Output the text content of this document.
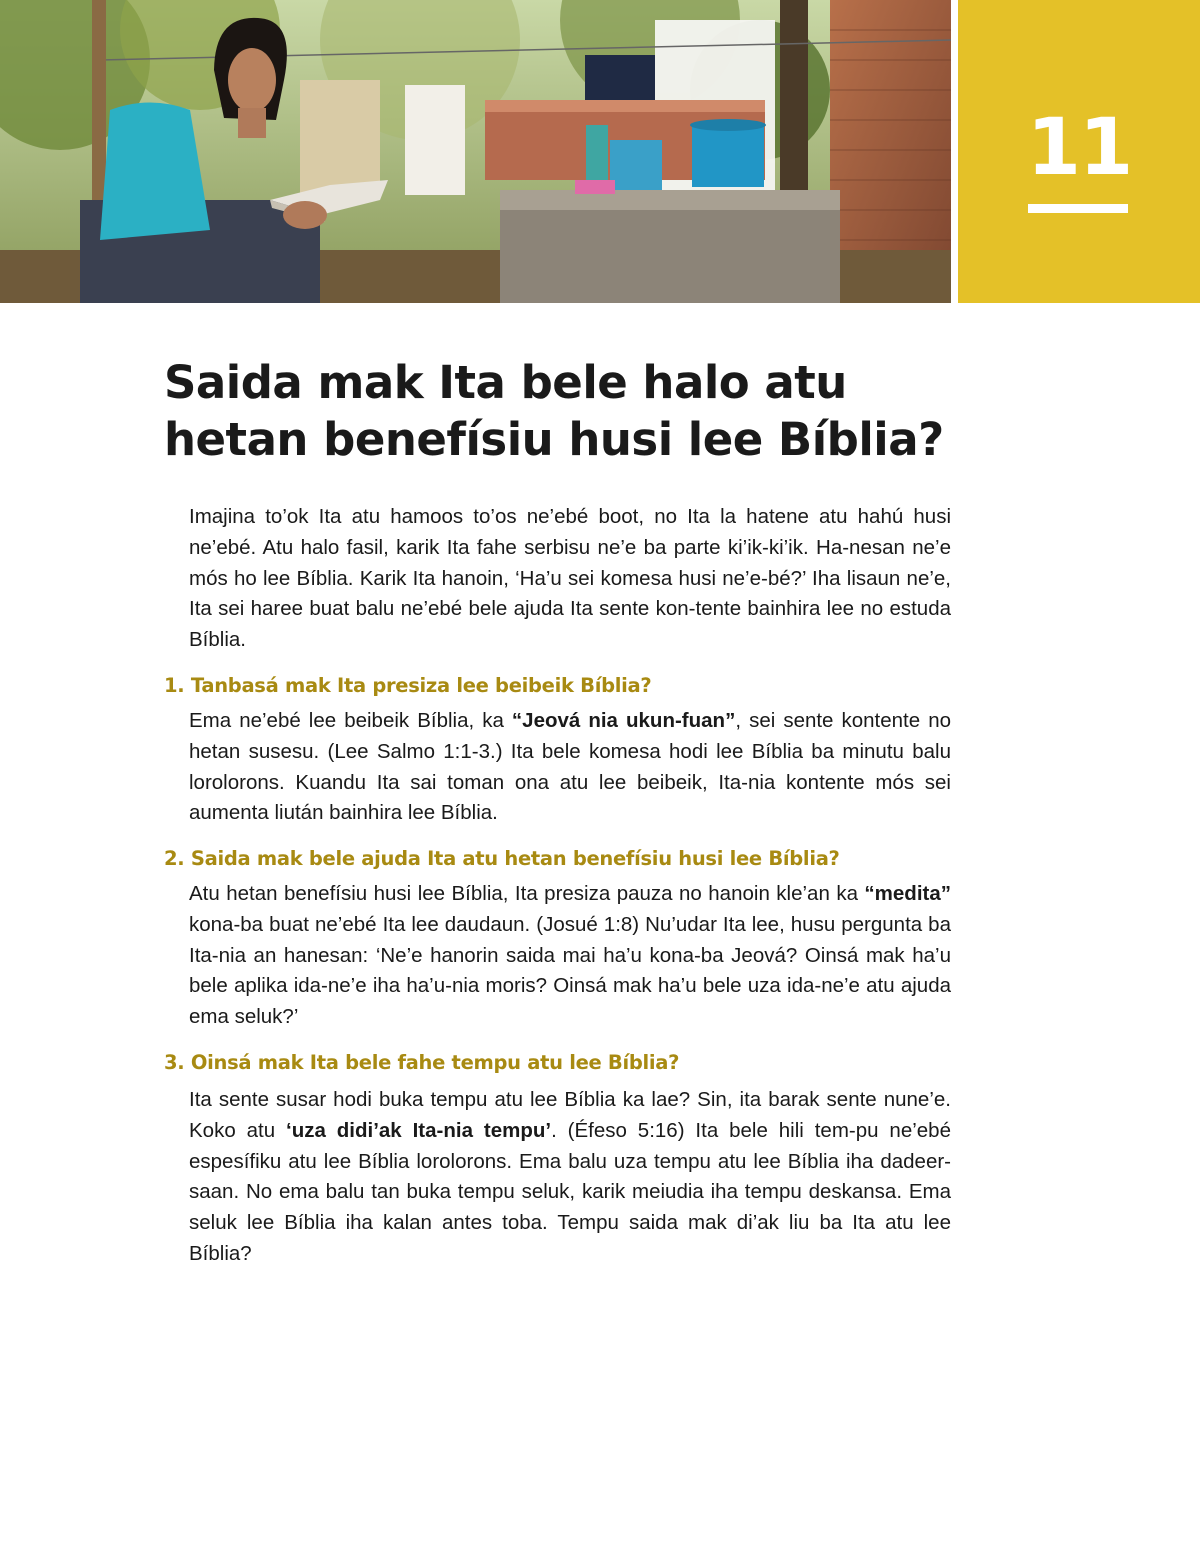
11
Saida mak Ita bele halo atu
hetan benefísiu husi lee Bíblia?

Imajina to’ok Ita atu hamoos to’os ne’ebé boot, no Ita la hatene atu hahú husi ne’ebé. Atu halo fasil, karik Ita fahe serbisu ne’e ba parte ki’ik-ki’ik. Ha-nesan ne’e mós ho lee Bíblia. Karik Ita hanoin, ‘Ha’u sei komesa husi ne’e-bé?’ Iha lisaun ne’e, Ita sei haree buat balu ne’ebé bele ajuda Ita sente kon-tente bainhira lee no estuda Bíblia.

1. Tanbasá mak Ita presiza lee beibeik Bíblia?

Ema ne’ebé lee beibeik Bíblia, ka “Jeová nia ukun-fuan”, sei sente kontente no hetan susesu. (Lee Salmo 1:1-3.) Ita bele komesa hodi lee Bíblia ba minutu balu lorolorons. Kuandu Ita sai toman ona atu lee beibeik, Ita-nia kontente mós sei aumenta liután bainhira lee Bíblia.

2. Saida mak bele ajuda Ita atu hetan benefísiu husi lee Bíblia?

Atu hetan benefísiu husi lee Bíblia, Ita presiza pauza no hanoin kle’an ka “medita” kona-ba buat ne’ebé Ita lee daudaun. (Josué 1:8) Nu’udar Ita lee, husu pergunta ba Ita-nia an hanesan: ‘Ne’e hanorin saida mai ha’u kona-ba Jeová? Oinsá mak ha’u bele aplika ida-ne’e iha ha’u-nia moris? Oinsá mak ha’u bele uza ida-ne’e atu ajuda ema seluk?’

3. Oinsá mak Ita bele fahe tempu atu lee Bíblia?

Ita sente susar hodi buka tempu atu lee Bíblia ka lae? Sin, ita barak sente nune’e. Koko atu ‘uza didi’ak Ita-nia tempu’. (Éfeso 5:16) Ita bele hili tem-pu ne’ebé espesífiku atu lee Bíblia lorolorons. Ema balu uza tempu atu lee Bíblia iha dadeer-saan. No ema balu tan buka tempu seluk, karik meiudia iha tempu deskansa. Ema seluk lee Bíblia iha kalan antes toba. Tempu saida mak di’ak liu ba Ita atu lee Bíblia?
